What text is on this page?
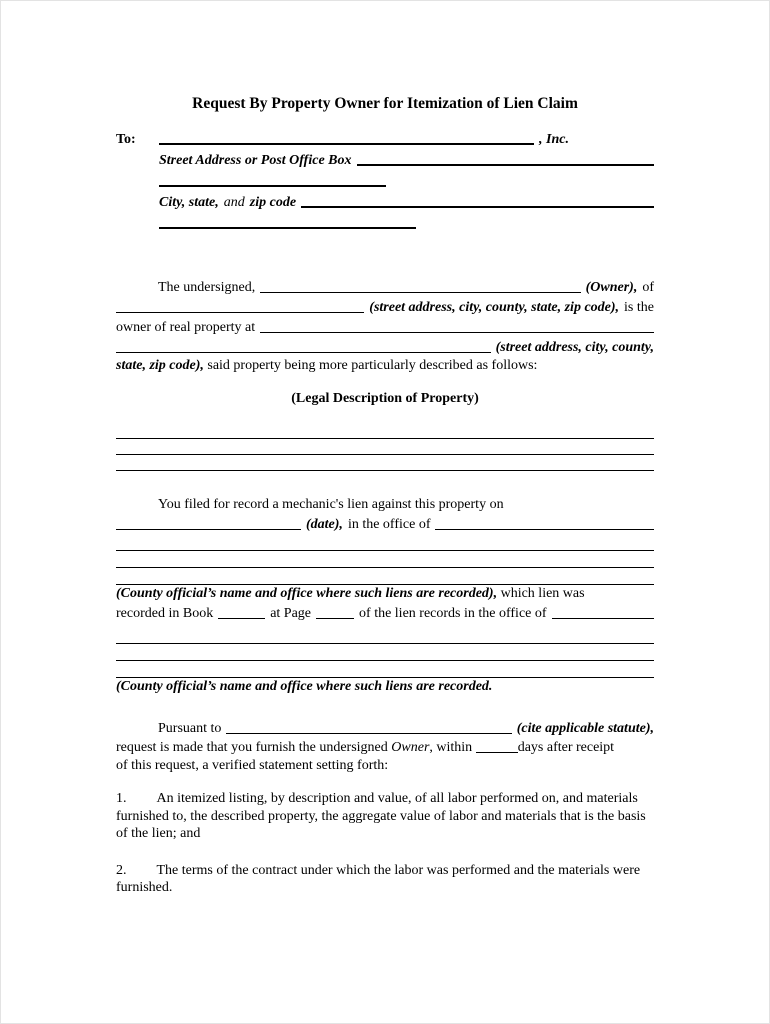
Request By Property Owner for Itemization of Lien Claim
To:	, Inc.
Street Address or Post Office Box
City, state, and zip code
The undersigned,	(Owner), of
(street address, city, county, state, zip code), is the
owner of real property at
(street address, city, county,
state, zip code), said property being more particularly described as follows:
(Legal Description of Property)
You filed for record a mechanic's lien against this property on
(date), in the office of
(County official’s name and office where such liens are recorded), which lien was
recorded in Book	at Page	of the lien records in the office of
(County official’s name and office where such liens are recorded.
Pursuant to	(cite applicable statute),
request is made that you furnish the undersigned Owner, within	days after receipt
of this request, a verified statement setting forth:
1. An itemized listing, by description and value, of all labor performed on, and materials furnished to, the described property, the aggregate value of labor and materials that is the basis of the lien; and
2. The terms of the contract under which the labor was performed and the materials were furnished.
